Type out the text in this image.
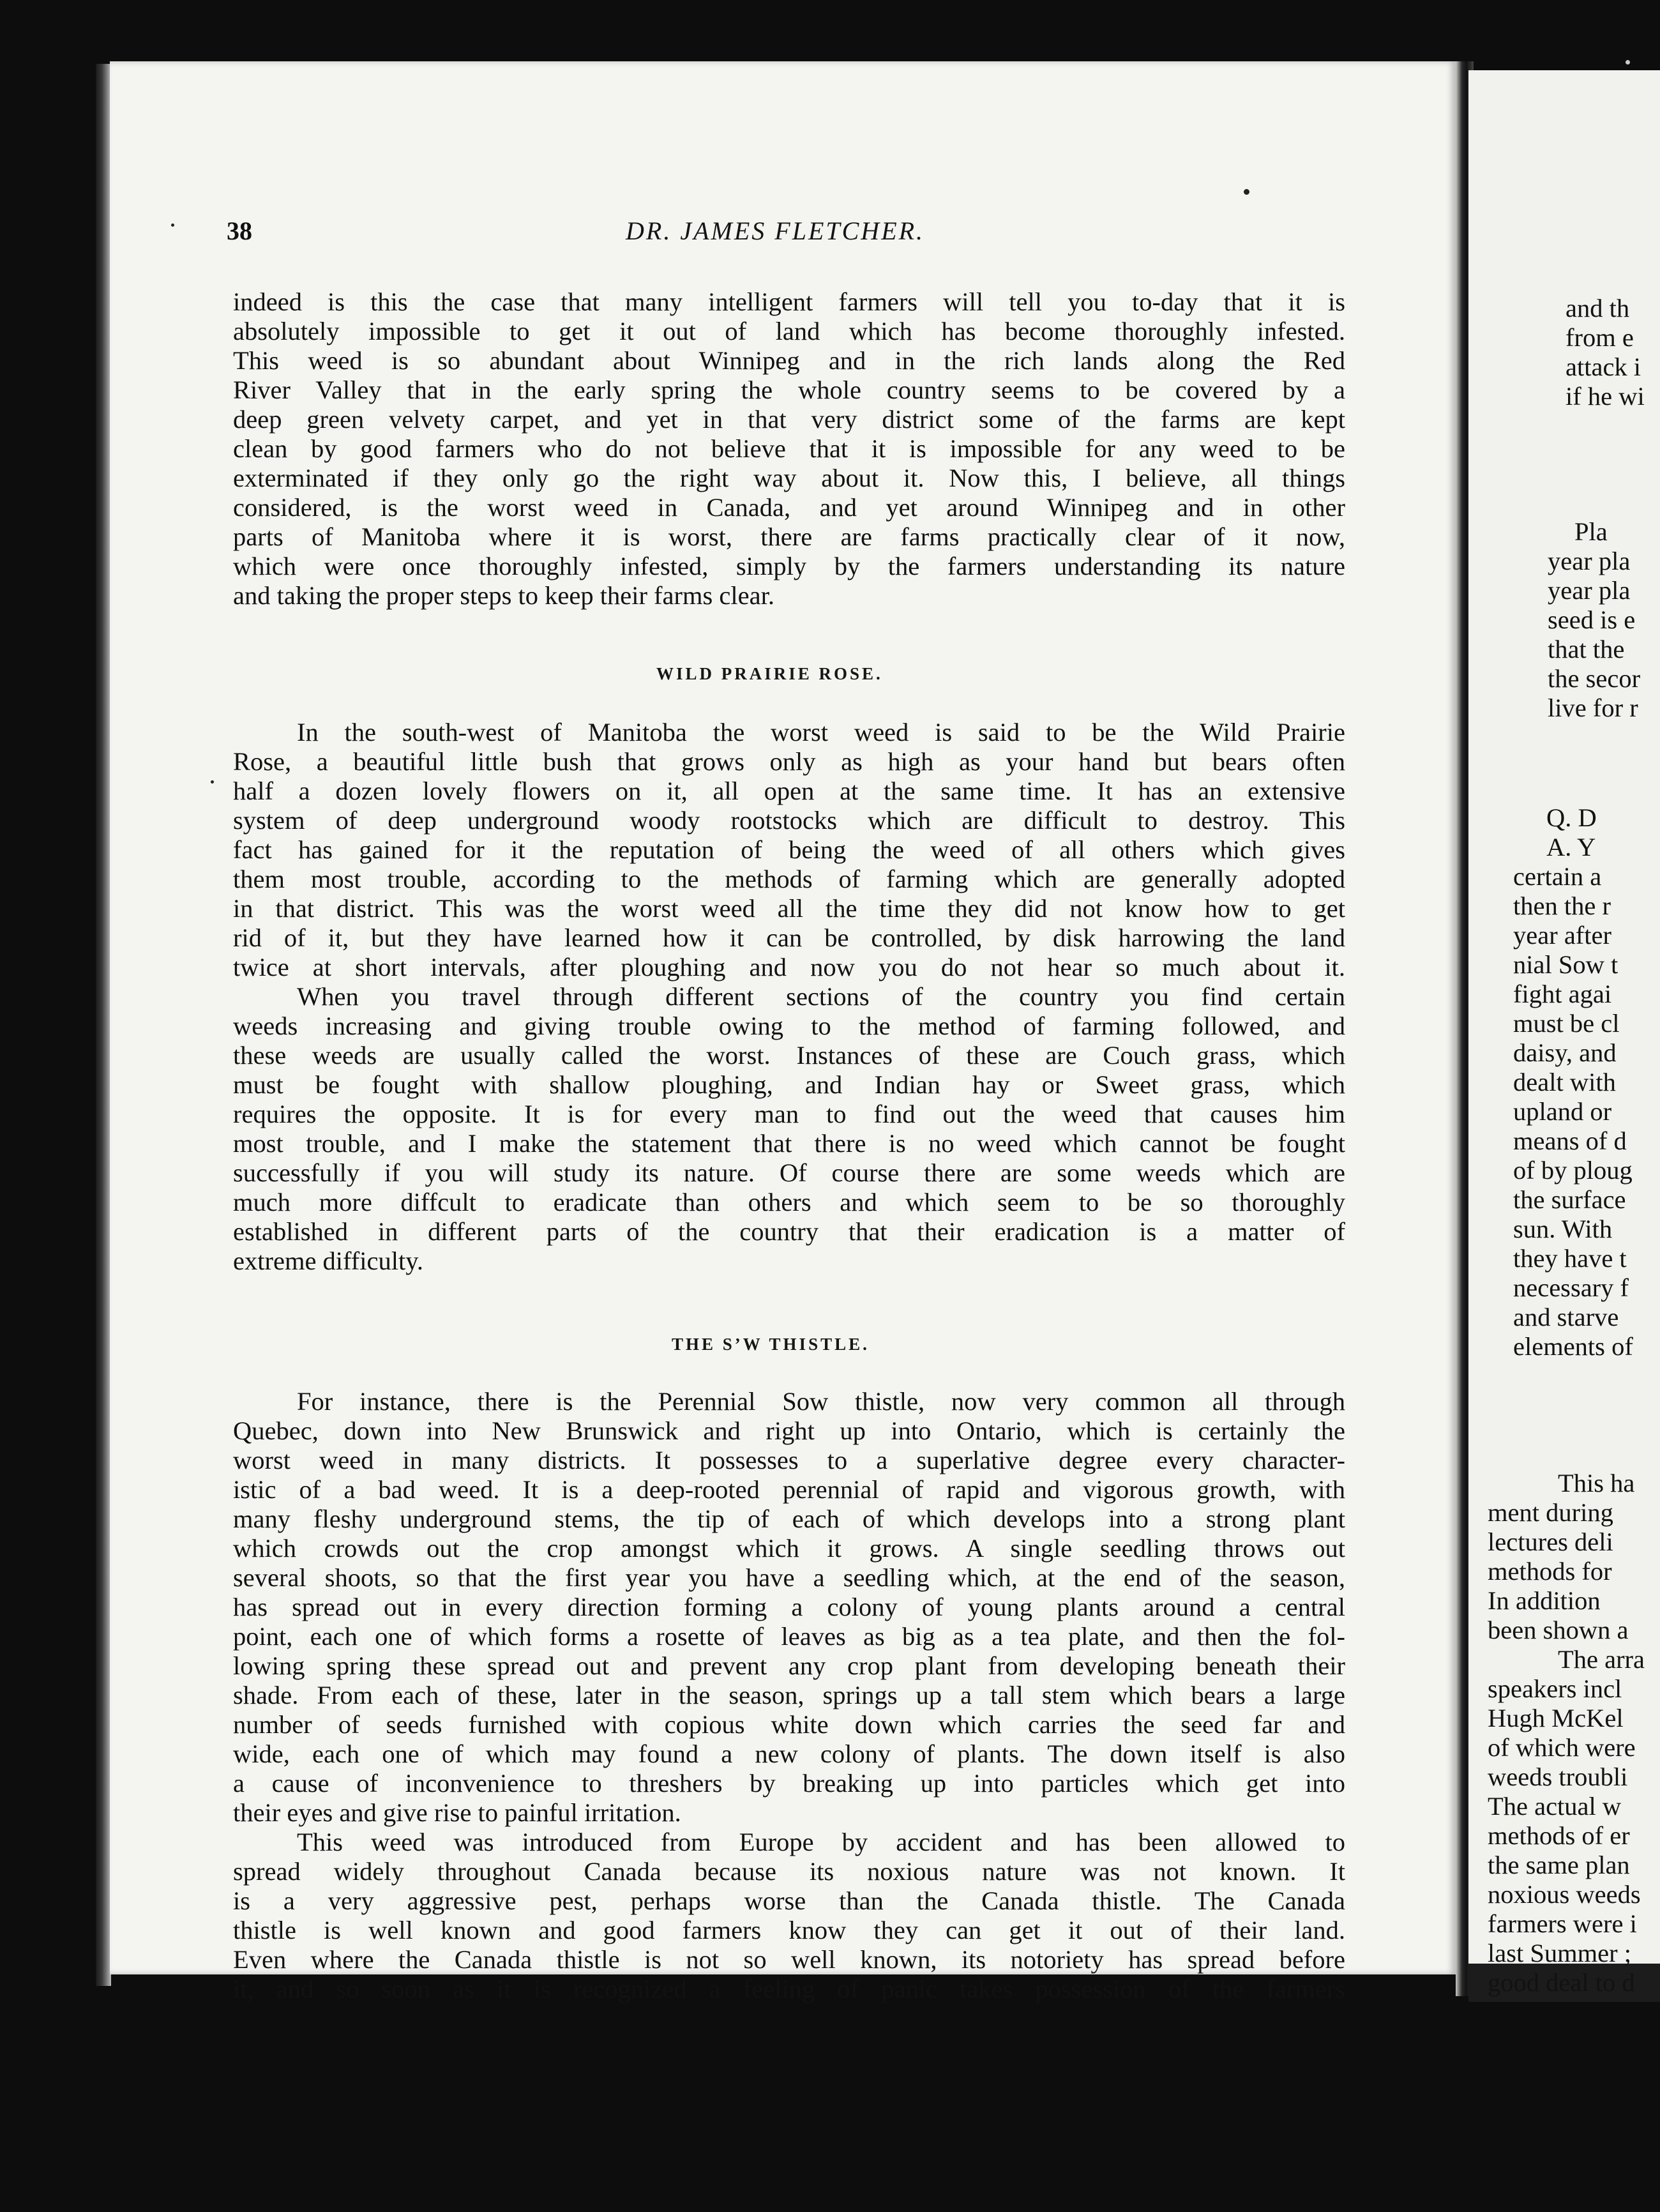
38	DR. JAMES FLETCHER.
indeed is this the case that many intelligent farmers will tell you to-day that it is
absolutely impossible to get it out of land which has become thoroughly infested.
This weed is so abundant about Winnipeg and in the rich lands along the Red
River Valley that in the early spring the whole country seems to be covered by a
deep green velvety carpet, and yet in that very district some of the farms are kept
clean by good farmers who do not believe that it is impossible for any weed to be
exterminated if they only go the right way about it. Now this, I believe, all things
considered, is the worst weed in Canada, and yet around Winnipeg and in other
parts of Manitoba where it is worst, there are farms practically clear of it now,
which were once thoroughly infested, simply by the farmers understanding its nature
and taking the proper steps to keep their farms clear.
WILD PRAIRIE ROSE.
In the south-west of Manitoba the worst weed is said to be the Wild Prairie
Rose, a beautiful little bush that grows only as high as your hand but bears often
half a dozen lovely flowers on it, all open at the same time. It has an extensive
system of deep underground woody rootstocks which are difficult to destroy. This
fact has gained for it the reputation of being the weed of all others which gives
them most trouble, according to the methods of farming which are generally adopted
in that district. This was the worst weed all the time they did not know how to get
rid of it, but they have learned how it can be controlled, by disk harrowing the land
twice at short intervals, after ploughing and now you do not hear so much about it.
When you travel through different sections of the country you find certain
weeds increasing and giving trouble owing to the method of farming followed, and
these weeds are usually called the worst. Instances of these are Couch grass, which
must be fought with shallow ploughing, and Indian hay or Sweet grass, which
requires the opposite. It is for every man to find out the weed that causes him
most trouble, and I make the statement that there is no weed which cannot be fought
successfully if you will study its nature. Of course there are some weeds which are
much more diffcult to eradicate than others and which seem to be so thoroughly
established in different parts of the country that their eradication is a matter of
extreme difficulty.
THE S’W THISTLE.
For instance, there is the Perennial Sow thistle, now very common all through
Quebec, down into New Brunswick and right up into Ontario, which is certainly the
worst weed in many districts. It possesses to a superlative degree every character-
istic of a bad weed. It is a deep-rooted perennial of rapid and vigorous growth, with
many fleshy underground stems, the tip of each of which develops into a strong plant
which crowds out the crop amongst which it grows. A single seedling throws out
several shoots, so that the first year you have a seedling which, at the end of the season,
has spread out in every direction forming a colony of young plants around a central
point, each one of which forms a rosette of leaves as big as a tea plate, and then the fol-
lowing spring these spread out and prevent any crop plant from developing beneath their
shade. From each of these, later in the season, springs up a tall stem which bears a large
number of seeds furnished with copious white down which carries the seed far and
wide, each one of which may found a new colony of plants. The down itself is also
a cause of inconvenience to threshers by breaking up into particles which get into
their eyes and give rise to painful irritation.
This weed was introduced from Europe by accident and has been allowed to
spread widely throughout Canada because its noxious nature was not known. It
is a very aggressive pest, perhaps worse than the Canada thistle. The Canada
thistle is well known and good farmers know they can get it out of their land.
Even where the Canada thistle is not so well known, its notoriety has spread before
it, and so soon as it is recognized a feeling of panic takes possession of the farmers
and th
from e
attack i
if he wi
Pla
year pla
year pla
seed is e
that the
the secor
live for r
Q. D
A. Y
certain a
then the r
year after
nial Sow t
fight agai
must be cl
daisy, and
dealt with
upland or
means of d
of by ploug
the surface
sun. With
they have t
necessary f
and starve
elements of
This ha
ment during
lectures deli
methods for
In addition
been shown a
The arra
speakers incl
Hugh McKel
of which were
weeds troubli
The actual w
methods of er
the same plan
noxious weeds
farmers were i
last Summer ;
good deal to d
